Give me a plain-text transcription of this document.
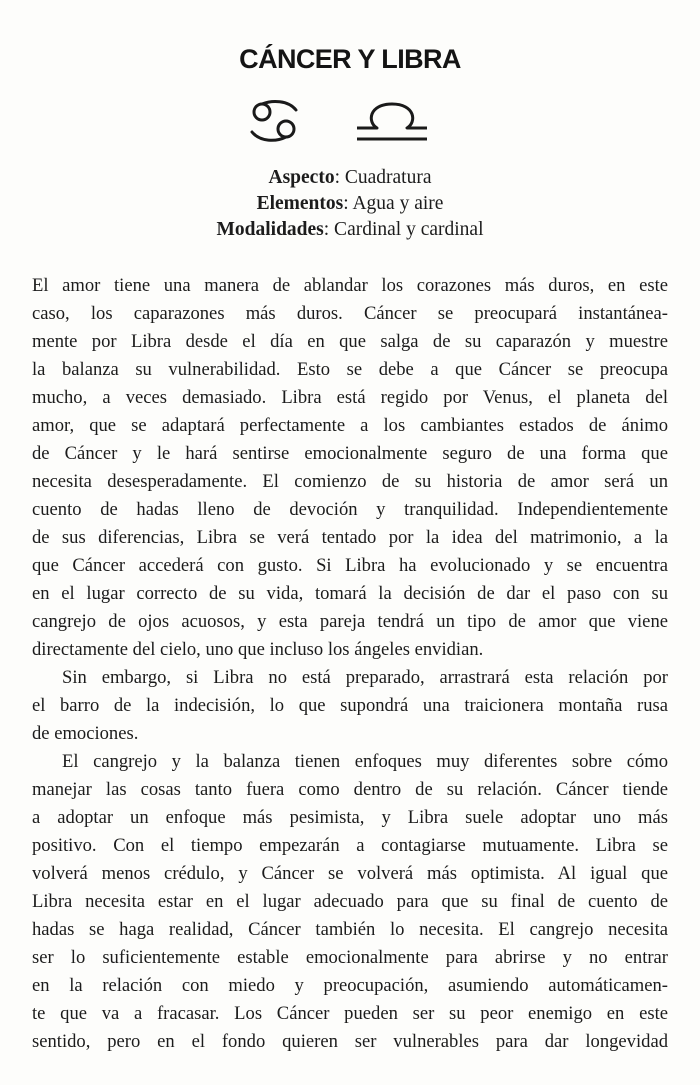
CÁNCER Y LIBRA
Aspecto: Cuadratura
Elementos: Agua y aire
Modalidades: Cardinal y cardinal
El amor tiene una manera de ablandar los corazones más duros, en este
caso, los caparazones más duros. Cáncer se preocupará instantánea-
mente por Libra desde el día en que salga de su caparazón y muestre
la balanza su vulnerabilidad. Esto se debe a que Cáncer se preocupa
mucho, a veces demasiado. Libra está regido por Venus, el planeta del
amor, que se adaptará perfectamente a los cambiantes estados de ánimo
de Cáncer y le hará sentirse emocionalmente seguro de una forma que
necesita desesperadamente. El comienzo de su historia de amor será un
cuento de hadas lleno de devoción y tranquilidad. Independientemente
de sus diferencias, Libra se verá tentado por la idea del matrimonio, a la
que Cáncer accederá con gusto. Si Libra ha evolucionado y se encuentra
en el lugar correcto de su vida, tomará la decisión de dar el paso con su
cangrejo de ojos acuosos, y esta pareja tendrá un tipo de amor que viene
directamente del cielo, uno que incluso los ángeles envidian.
Sin embargo, si Libra no está preparado, arrastrará esta relación por
el barro de la indecisión, lo que supondrá una traicionera montaña rusa
de emociones.
El cangrejo y la balanza tienen enfoques muy diferentes sobre cómo
manejar las cosas tanto fuera como dentro de su relación. Cáncer tiende
a adoptar un enfoque más pesimista, y Libra suele adoptar uno más
positivo. Con el tiempo empezarán a contagiarse mutuamente. Libra se
volverá menos crédulo, y Cáncer se volverá más optimista. Al igual que
Libra necesita estar en el lugar adecuado para que su final de cuento de
hadas se haga realidad, Cáncer también lo necesita. El cangrejo necesita
ser lo suficientemente estable emocionalmente para abrirse y no entrar
en la relación con miedo y preocupación, asumiendo automáticamen-
te que va a fracasar. Los Cáncer pueden ser su peor enemigo en este
sentido, pero en el fondo quieren ser vulnerables para dar longevidad
